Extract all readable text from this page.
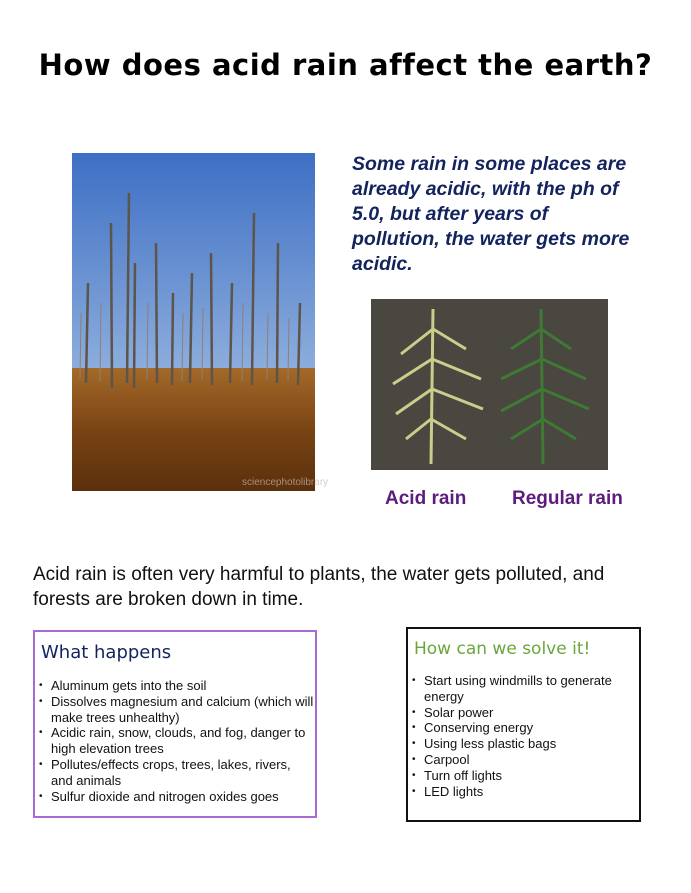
How does acid rain affect the earth?
sciencephotolibrary
Some rain in some places are already acidic, with the ph of 5.0, but after years of pollution, the water gets more acidic.
Acid rain Regular rain
Acid rain is often very harmful to plants, the water gets polluted, and forests are broken down in time.
What happens
• Aluminum gets into the soil
• Dissolves magnesium and calcium (which will make trees unhealthy)
• Acidic rain, snow, clouds, and fog, danger to high elevation trees
• Pollutes/effects crops, trees, lakes, rivers, and animals
• Sulfur dioxide and nitrogen oxides goes
How can we solve it!
• Start using windmills to generate energy
• Solar power
• Conserving energy
• Using less plastic bags
• Carpool
• Turn off lights
• LED lights
